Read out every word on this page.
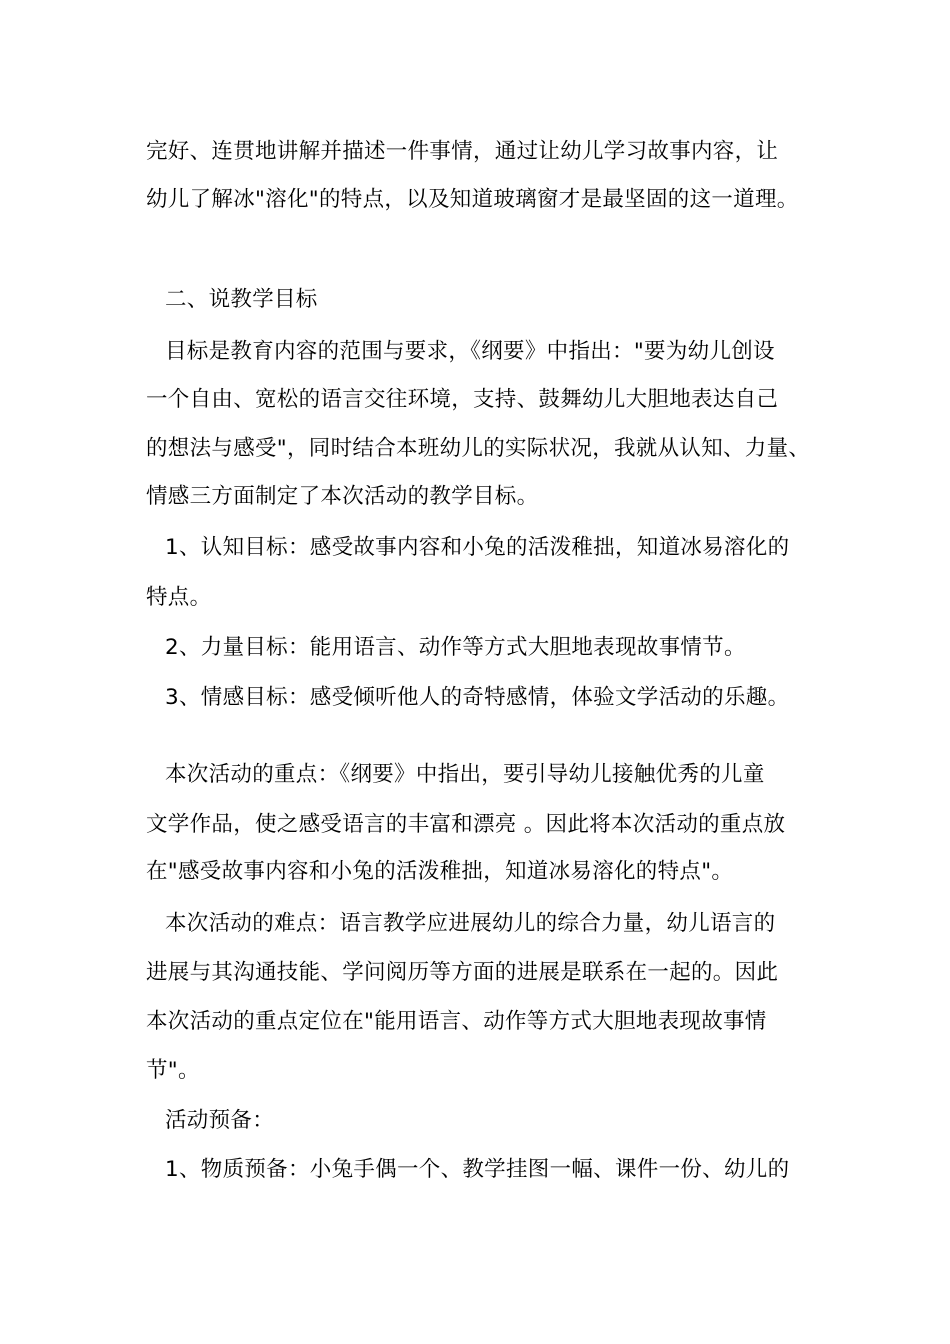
完好、连贯地讲解并描述一件事情，通过让幼儿学习故事内容，让

幼儿了解冰"溶化"的特点，以及知道玻璃窗才是最坚固的这一道理。

二、说教学目标

目标是教育内容的范围与要求，《纲要》中指出："要为幼儿创设

一个自由、宽松的语言交往环境，支持、鼓舞幼儿大胆地表达自己

的想法与感受"，同时结合本班幼儿的实际状况，我就从认知、力量、

情感三方面制定了本次活动的教学目标。

1、认知目标：感受故事内容和小兔的活泼稚拙，知道冰易溶化的

特点。

2、力量目标：能用语言、动作等方式大胆地表现故事情节。

3、情感目标：感受倾听他人的奇特感情，体验文学活动的乐趣。

本次活动的重点：《纲要》中指出，要引导幼儿接触优秀的儿童

文学作品，使之感受语言的丰富和漂亮 。因此将本次活动的重点放

在"感受故事内容和小兔的活泼稚拙，知道冰易溶化的特点"。

本次活动的难点：语言教学应进展幼儿的综合力量，幼儿语言的

进展与其沟通技能、学问阅历等方面的进展是联系在一起的。因此

本次活动的重点定位在"能用语言、动作等方式大胆地表现故事情

节"。

活动预备：

1、物质预备：小兔手偶一个、教学挂图一幅、课件一份、幼儿的
